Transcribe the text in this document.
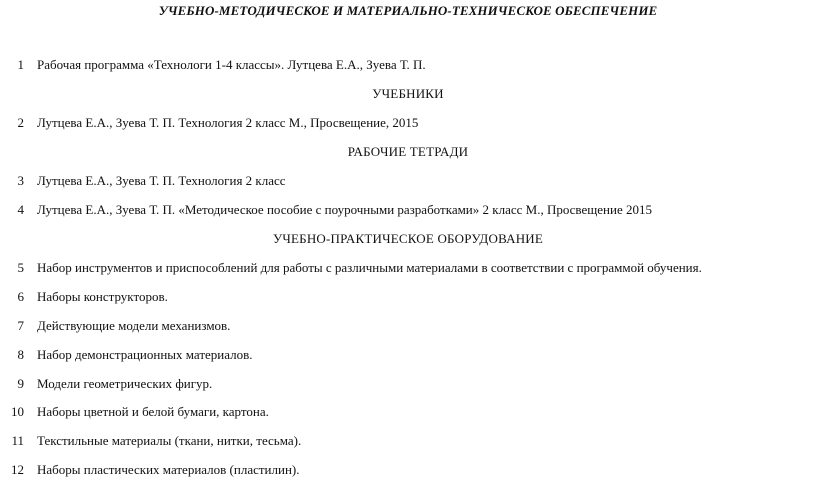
УЧЕБНО-МЕТОДИЧЕСКОЕ И МАТЕРИАЛЬНО-ТЕХНИЧЕСКОЕ ОБЕСПЕЧЕНИЕ
1 Рабочая программа «Технологи 1-4 классы». Лутцева Е.А., Зуева Т. П.
УЧЕБНИКИ
2 Лутцева Е.А., Зуева Т. П. Технология 2 класс М., Просвещение, 2015
РАБОЧИЕ ТЕТРАДИ
3 Лутцева Е.А., Зуева Т. П. Технология 2 класс
4 Лутцева Е.А., Зуева Т. П. «Методическое пособие с поурочными разработками» 2 класс М., Просвещение 2015
УЧЕБНО-ПРАКТИЧЕСКОЕ ОБОРУДОВАНИЕ
5 Набор инструментов и приспособлений для работы с различными материалами в соответствии с программой обучения.
6 Наборы конструкторов.
7 Действующие модели механизмов.
8 Набор демонстрационных материалов.
9 Модели геометрических фигур.
10 Наборы цветной и белой бумаги, картона.
11 Текстильные материалы (ткани, нитки, тесьма).
12 Наборы пластических материалов (пластилин).
